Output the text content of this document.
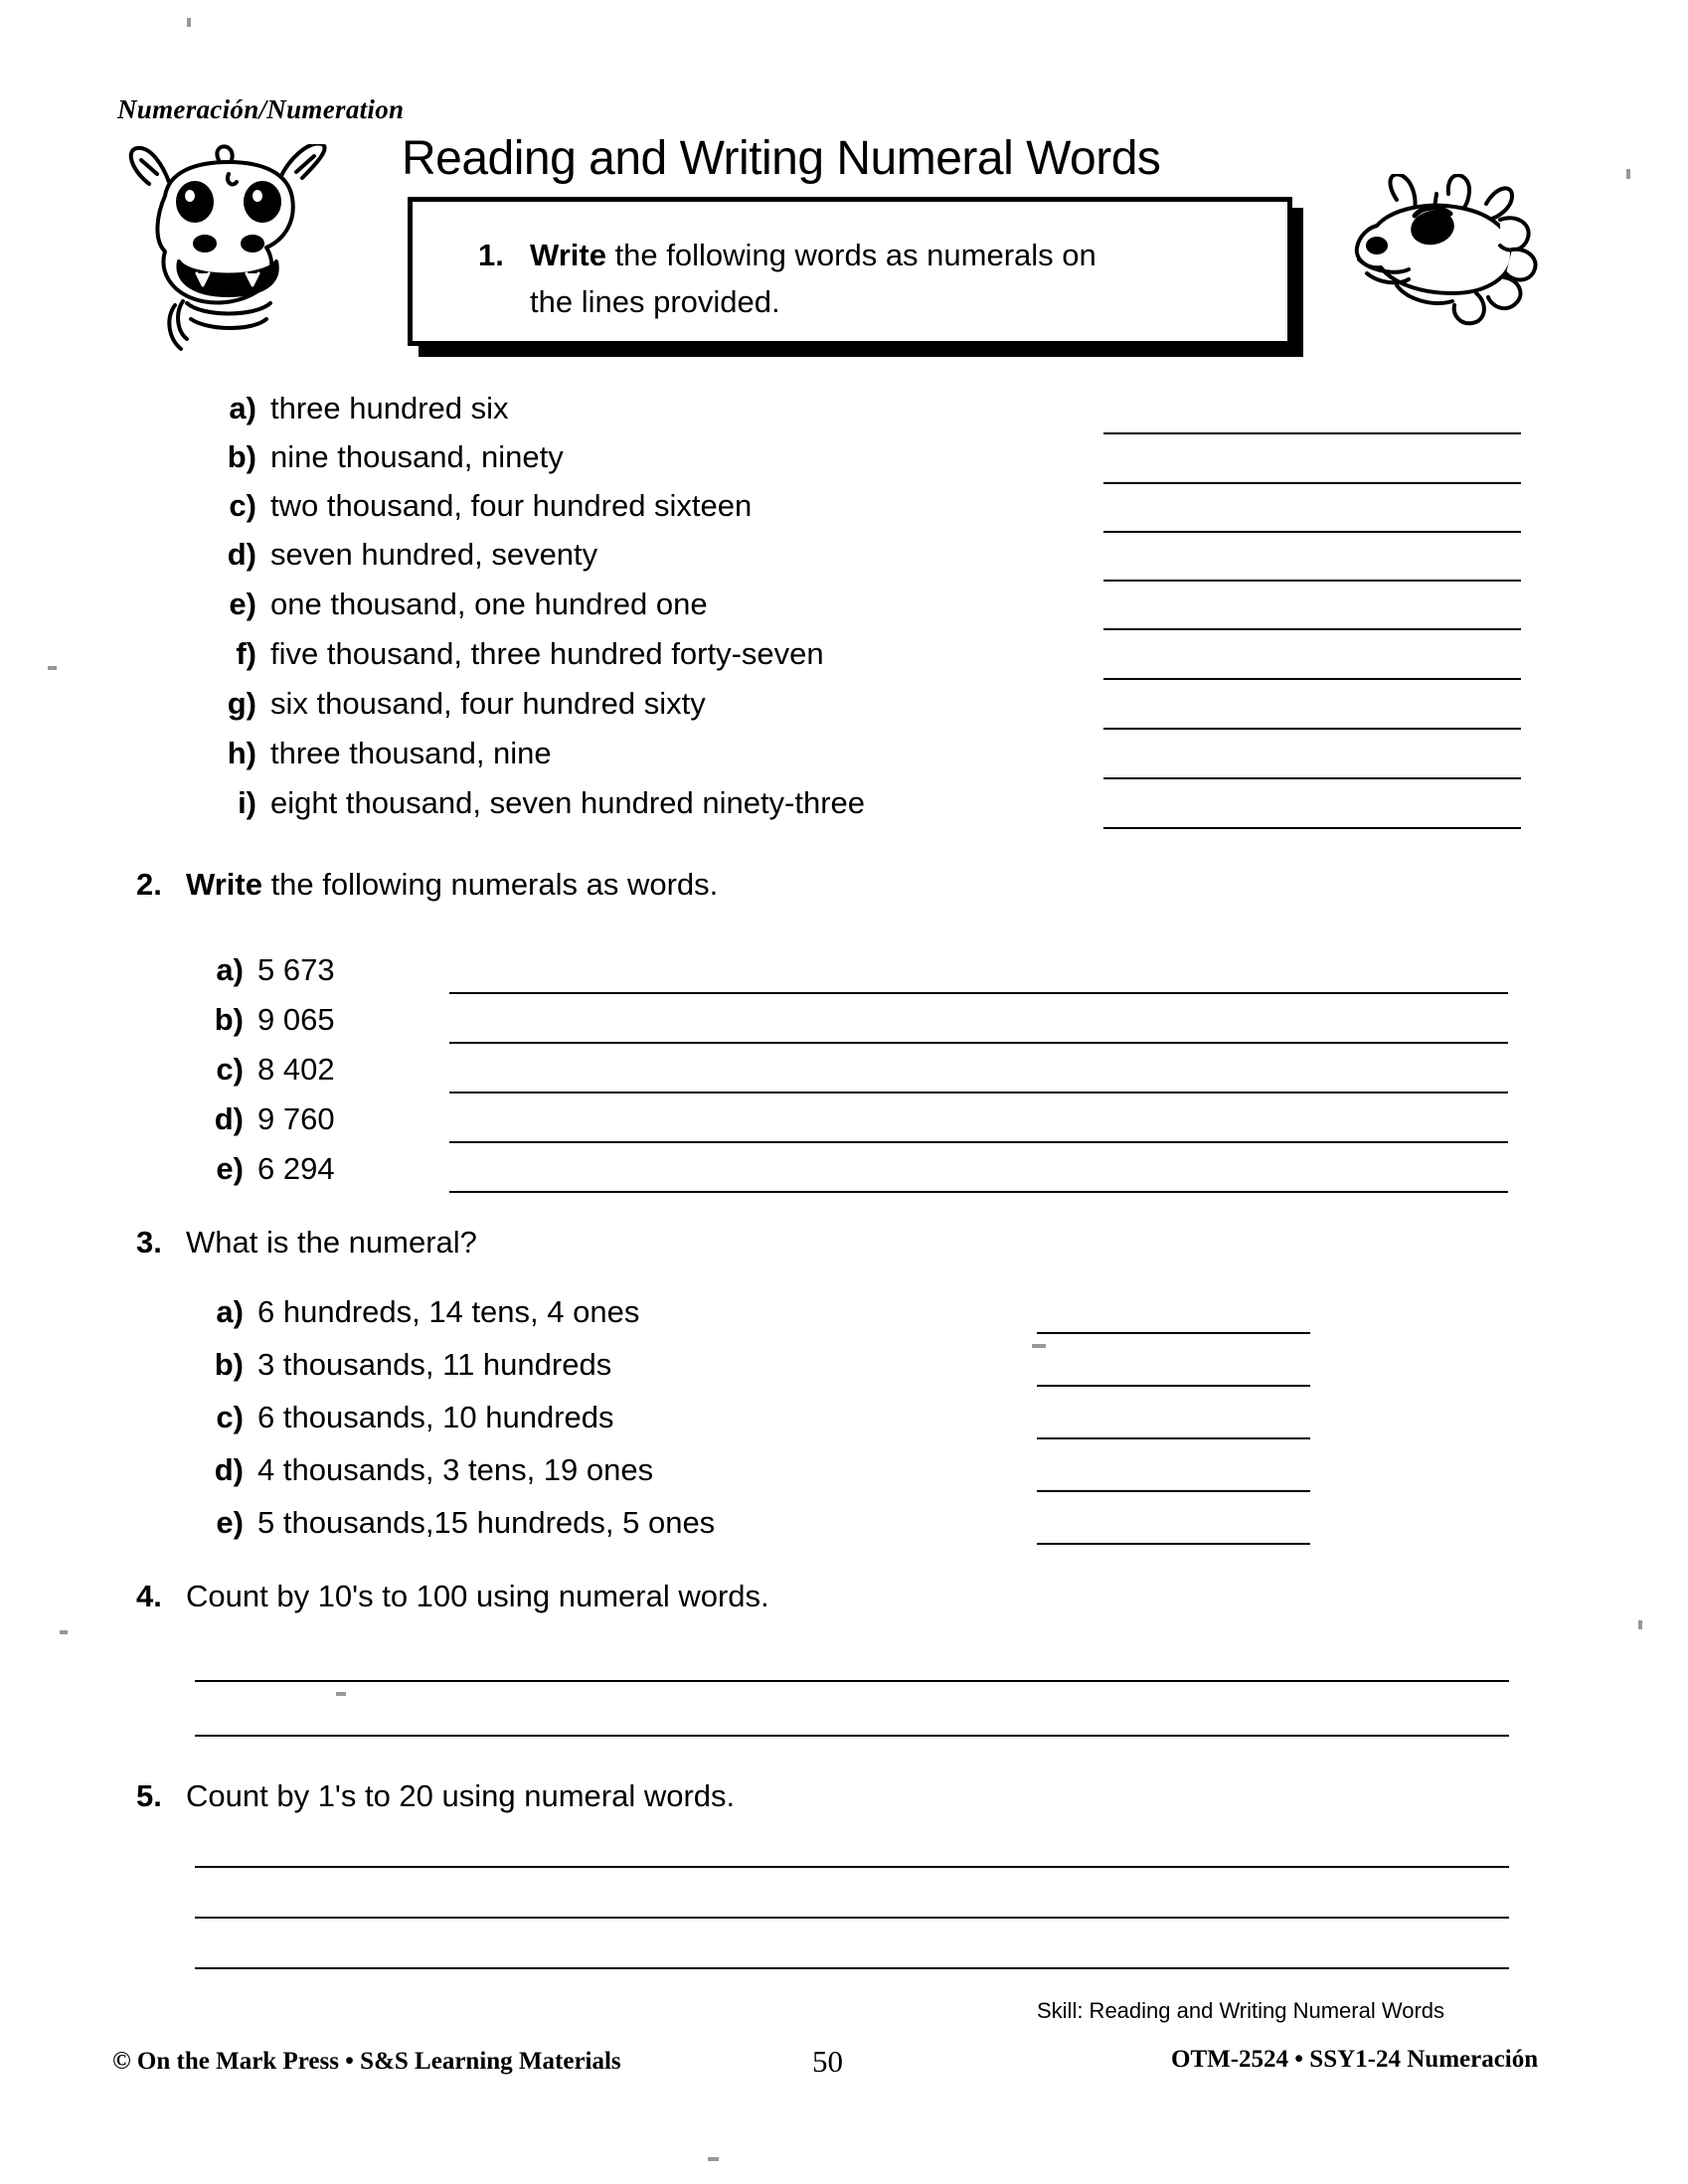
Numeración/Numeration
Reading and Writing Numeral Words
1. Write the following words as numerals on
the lines provided.
a) three hundred six
b) nine thousand, ninety
c) two thousand, four hundred sixteen
d) seven hundred, seventy
e) one thousand, one hundred one
f) five thousand, three hundred forty-seven
g) six thousand, four hundred sixty
h) three thousand, nine
i) eight thousand, seven hundred ninety-three
2. Write the following numerals as words.
a) 5 673
b) 9 065
c) 8 402
d) 9 760
e) 6 294
3. What is the numeral?
a) 6 hundreds, 14 tens, 4 ones
b) 3 thousands, 11 hundreds
c) 6 thousands, 10 hundreds
d) 4 thousands, 3 tens, 19 ones
e) 5 thousands,15 hundreds, 5 ones
4. Count by 10's to 100 using numeral words.
5. Count by 1's to 20 using numeral words.
Skill: Reading and Writing Numeral Words
© On the Mark Press • S&S Learning Materials	50	OTM-2524 • SSY1-24 Numeración
